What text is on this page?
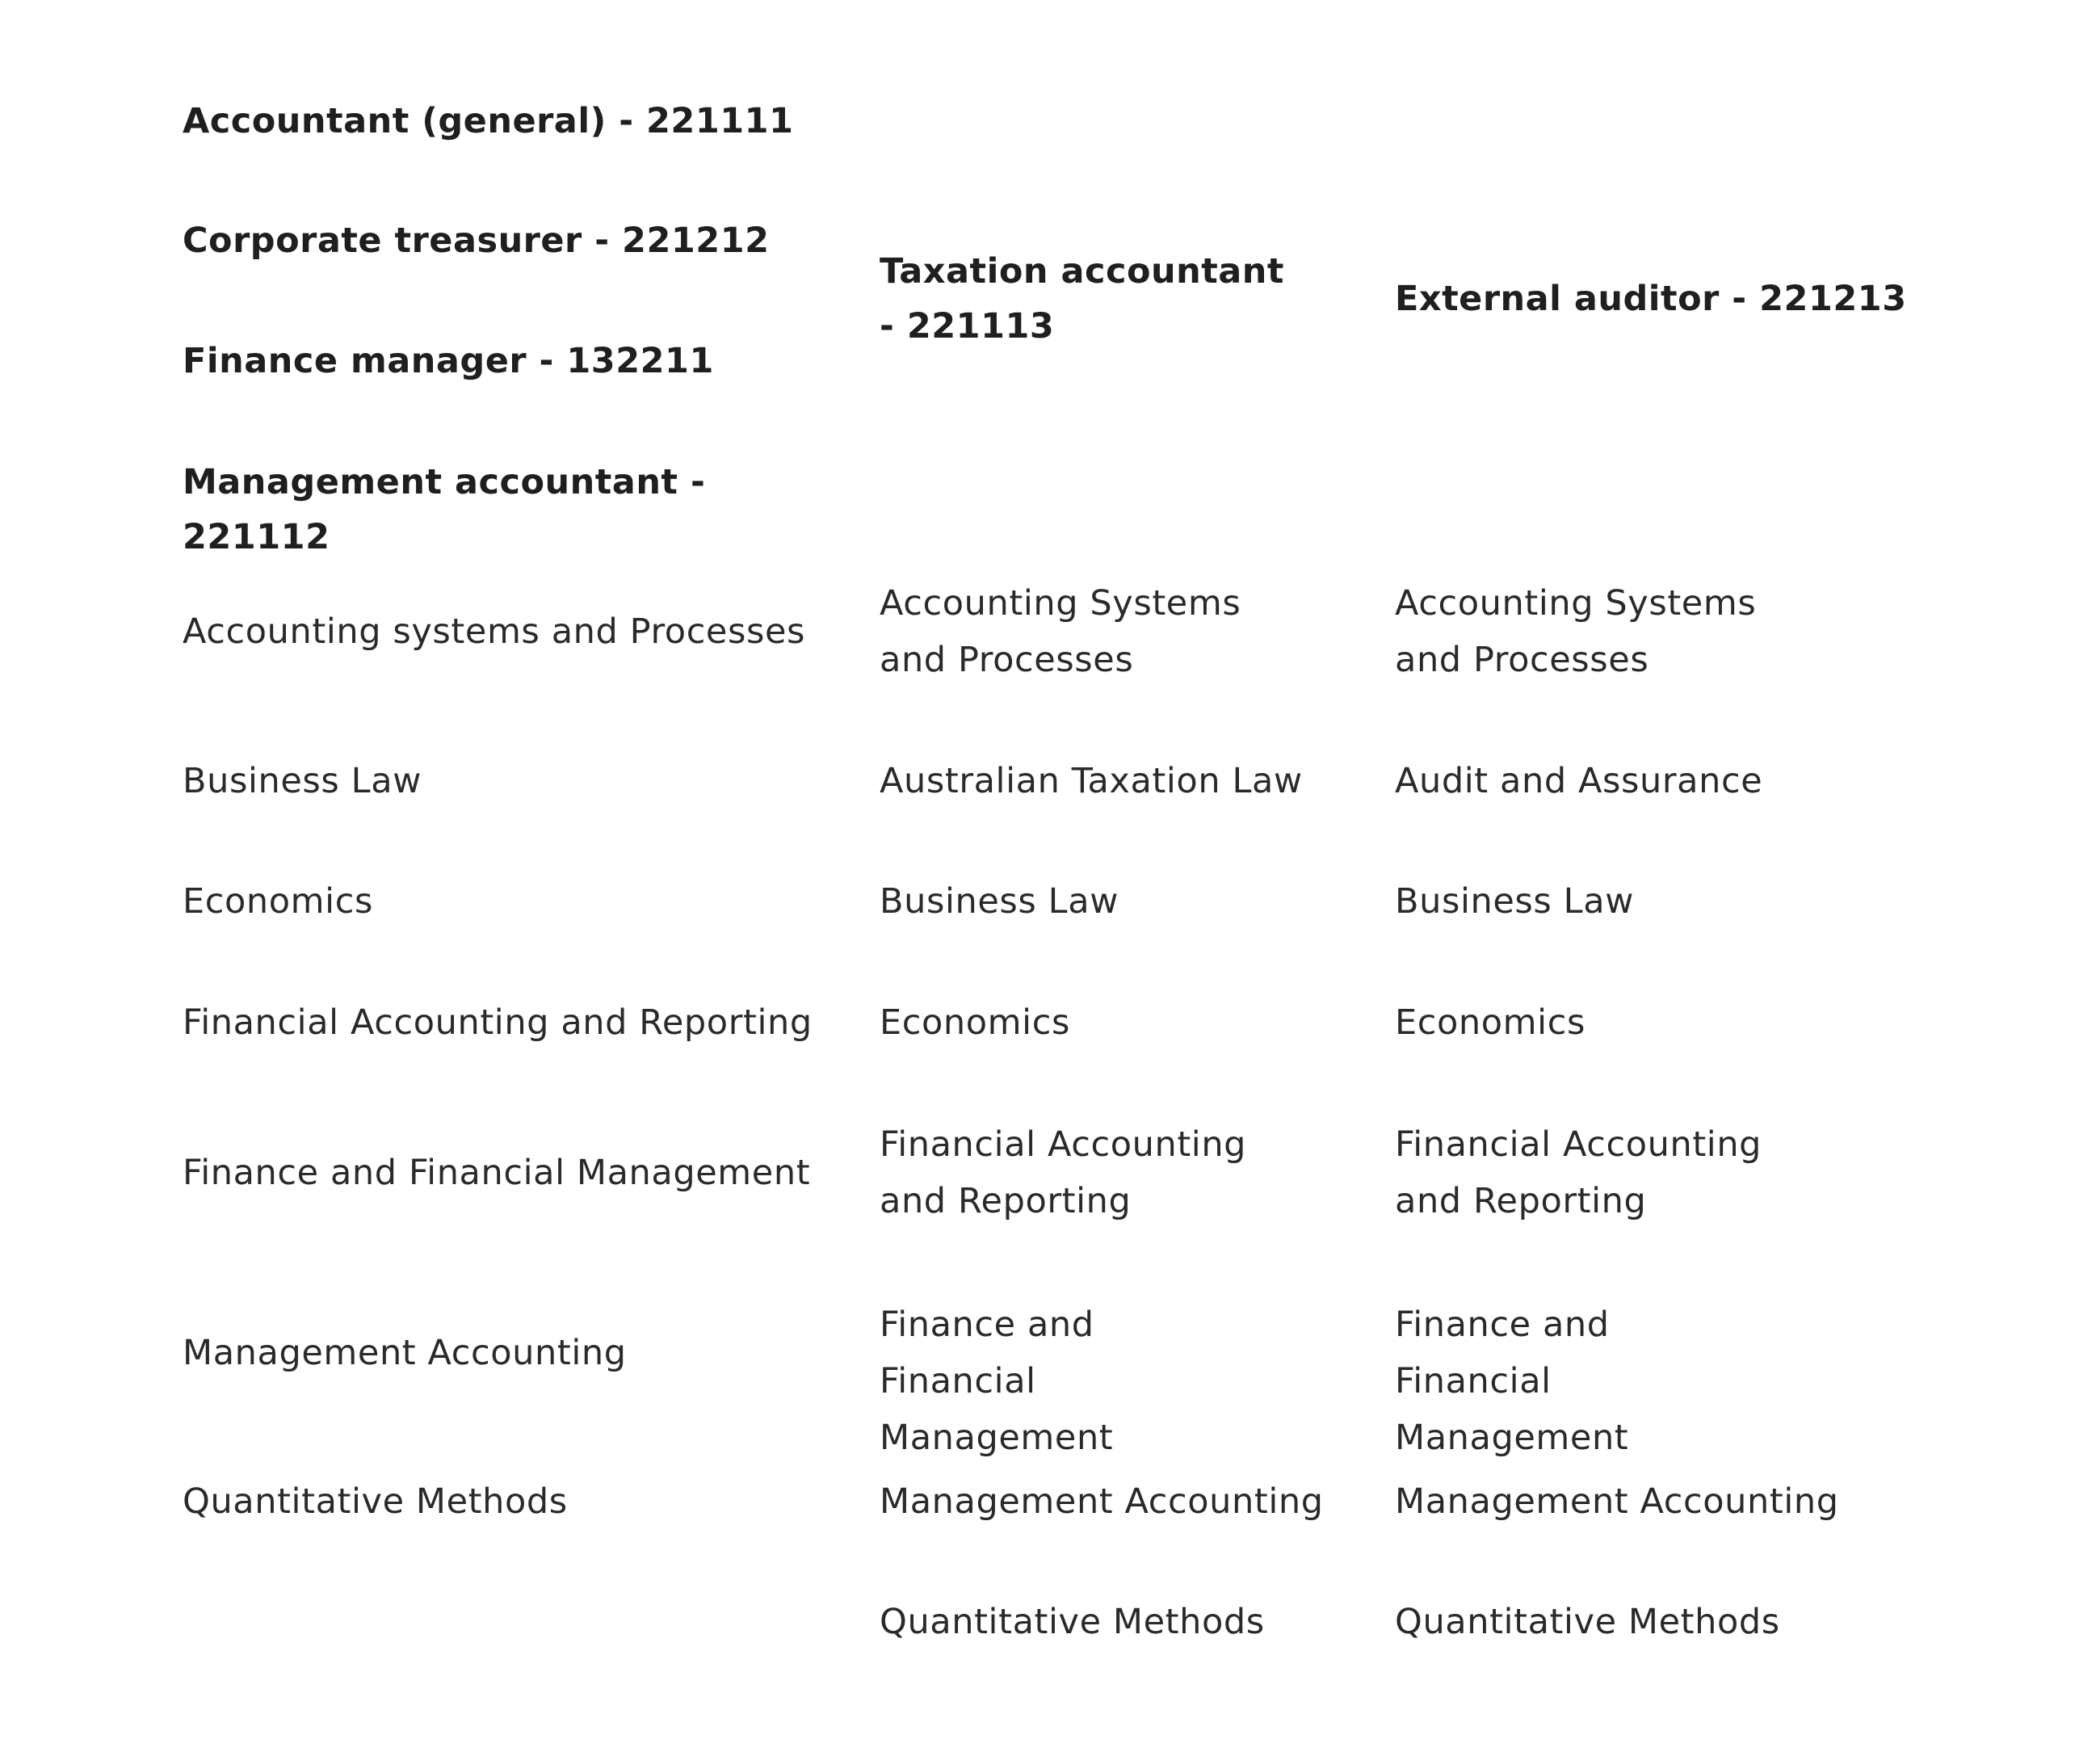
Accountant (general) - 221111

Corporate treasurer - 221212

Finance manager - 132211

Management accountant - 221112

Accounting systems and Processes

Business Law

Economics

Financial Accounting and Reporting

Finance and Financial Management

Management Accounting

Quantitative Methods

Taxation accountant - 221113

Accounting Systems and Processes

Australian Taxation Law

Business Law

Economics

Financial Accounting and Reporting

Finance and Financial Management

Management Accounting

Quantitative Methods

External auditor - 221213

Accounting Systems and Processes

Audit and Assurance

Business Law

Economics

Financial Accounting and Reporting

Finance and Financial Management

Management Accounting

Quantitative Methods
